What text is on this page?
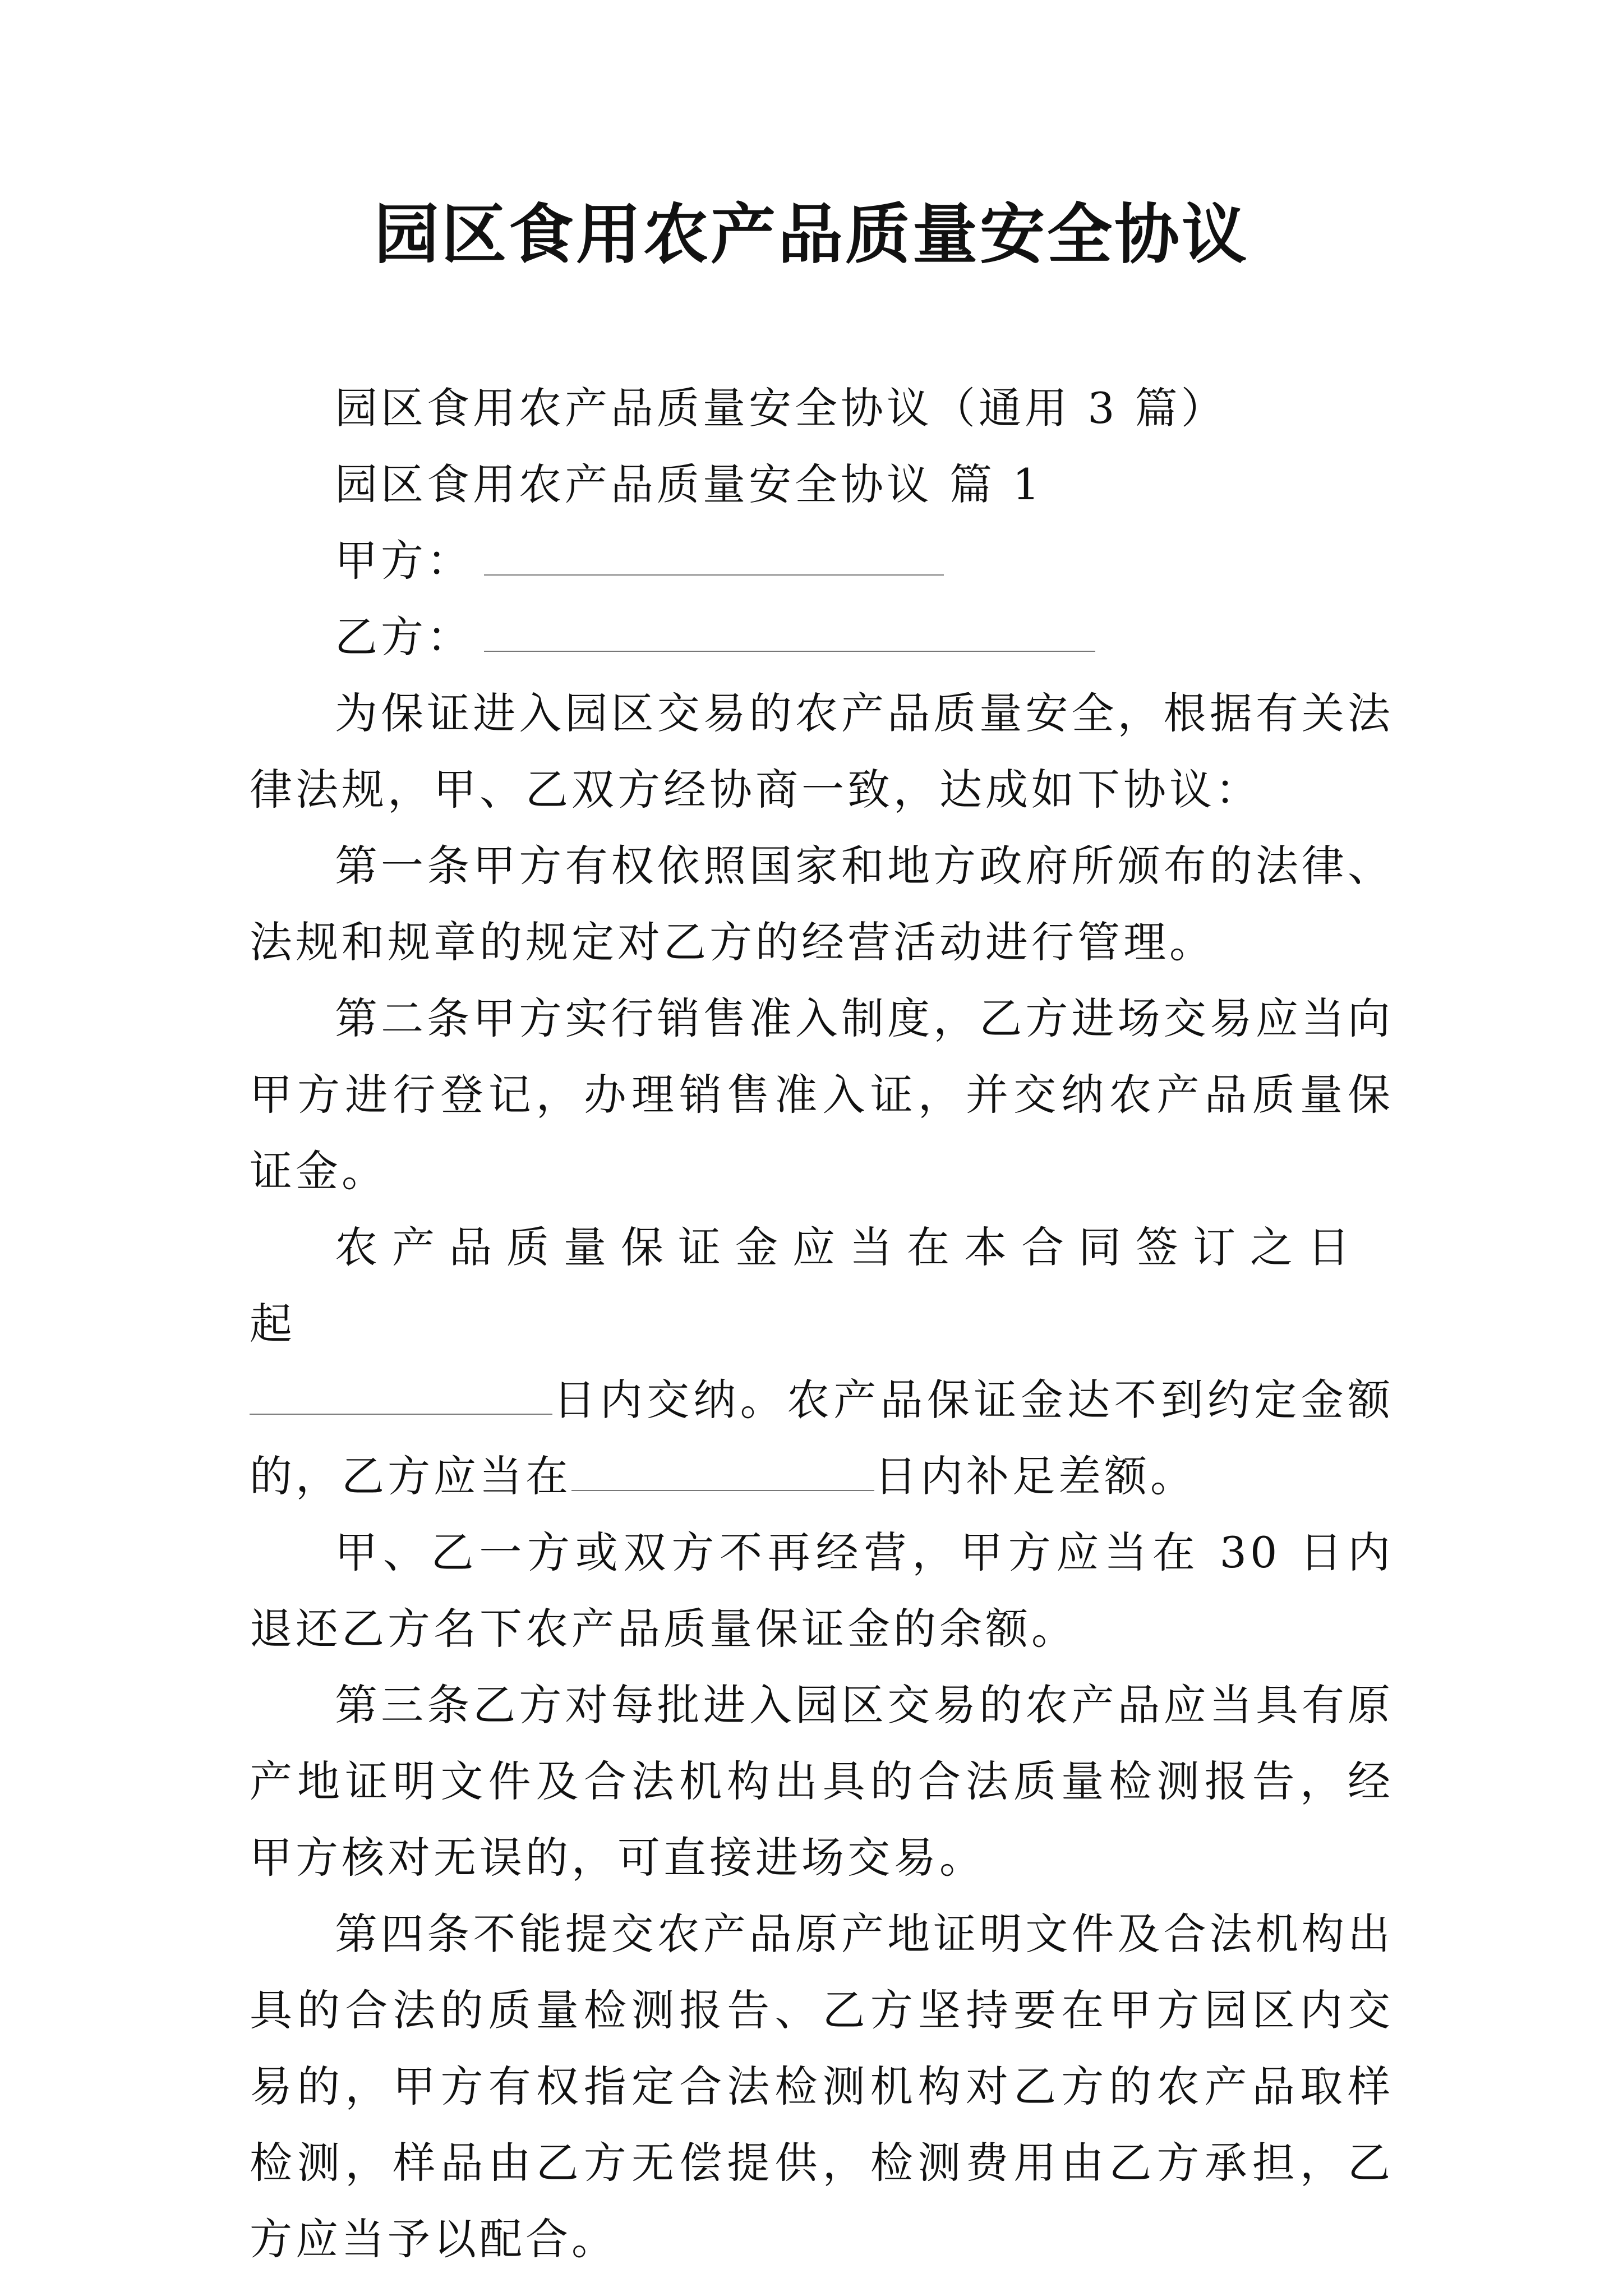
园区食用农产品质量安全协议

园区食用农产品质量安全协议（通用 3 篇）

园区食用农产品质量安全协议 篇 1

甲方：

乙方：

为保证进入园区交易的农产品质量安全，根据有关法律法规，甲、乙双方经协商一致，达成如下协议：

第一条甲方有权依照国家和地方政府所颁布的法律、法规和规章的规定对乙方的经营活动进行管理。

第二条甲方实行销售准入制度，乙方进场交易应当向甲方进行登记，办理销售准入证，并交纳农产品质量保证金。

农产品质量保证金应当在本合同签订之日起

日内交纳。农产品保证金达不到约定金额的，乙方应当在	日内补足差额。

甲、乙一方或双方不再经营，甲方应当在 30 日内退还乙方名下农产品质量保证金的余额。

第三条乙方对每批进入园区交易的农产品应当具有原产地证明文件及合法机构出具的合法质量检测报告，经甲方核对无误的，可直接进场交易。

第四条不能提交农产品原产地证明文件及合法机构出具的合法的质量检测报告、乙方坚持要在甲方园区内交易的，甲方有权指定合法检测机构对乙方的农产品取样检测，样品由乙方无偿提供，检测费用由乙方承担，乙方应当予以配合。
